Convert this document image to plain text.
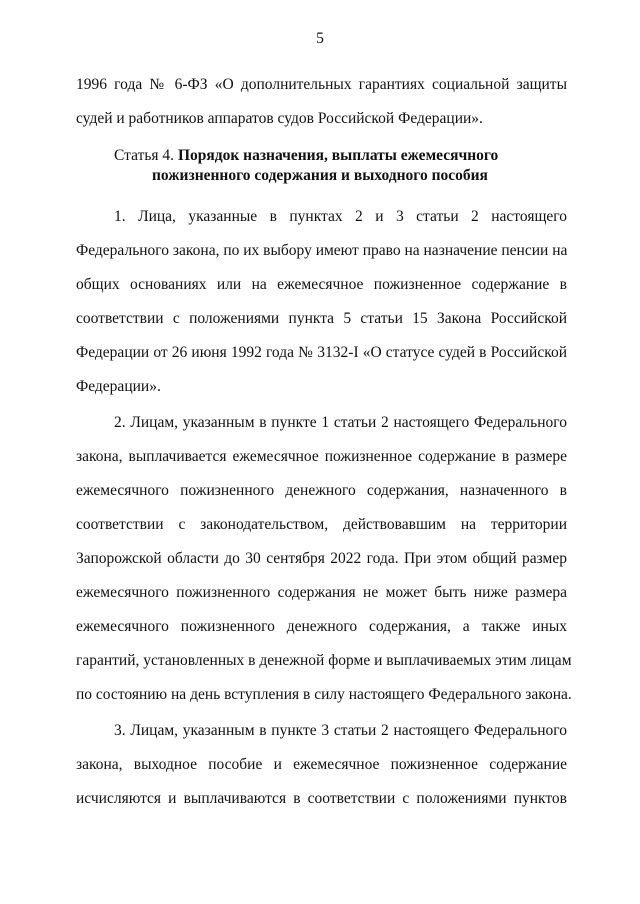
5
1996 года № 6-ФЗ «О дополнительных гарантиях социальной защиты
судей и работников аппаратов судов Российской Федерации».
Статья 4. Порядок назначения, выплаты ежемесячного
пожизненного содержания и выходного пособия
1. Лица, указанные в пунктах 2 и 3 статьи 2 настоящего
Федерального закона, по их выбору имеют право на назначение пенсии на
общих основаниях или на ежемесячное пожизненное содержание в
соответствии с положениями пункта 5 статьи 15 Закона Российской
Федерации от 26 июня 1992 года № 3132-I «О статусе судей в Российской
Федерации».
2. Лицам, указанным в пункте 1 статьи 2 настоящего Федерального
закона, выплачивается ежемесячное пожизненное содержание в размере
ежемесячного пожизненного денежного содержания, назначенного в
соответствии с законодательством, действовавшим на территории
Запорожской области до 30 сентября 2022 года. При этом общий размер
ежемесячного пожизненного содержания не может быть ниже размера
ежемесячного пожизненного денежного содержания, а также иных
гарантий, установленных в денежной форме и выплачиваемых этим лицам
по состоянию на день вступления в силу настоящего Федерального закона.
3. Лицам, указанным в пункте 3 статьи 2 настоящего Федерального
закона, выходное пособие и ежемесячное пожизненное содержание
исчисляются и выплачиваются в соответствии с положениями пунктов
